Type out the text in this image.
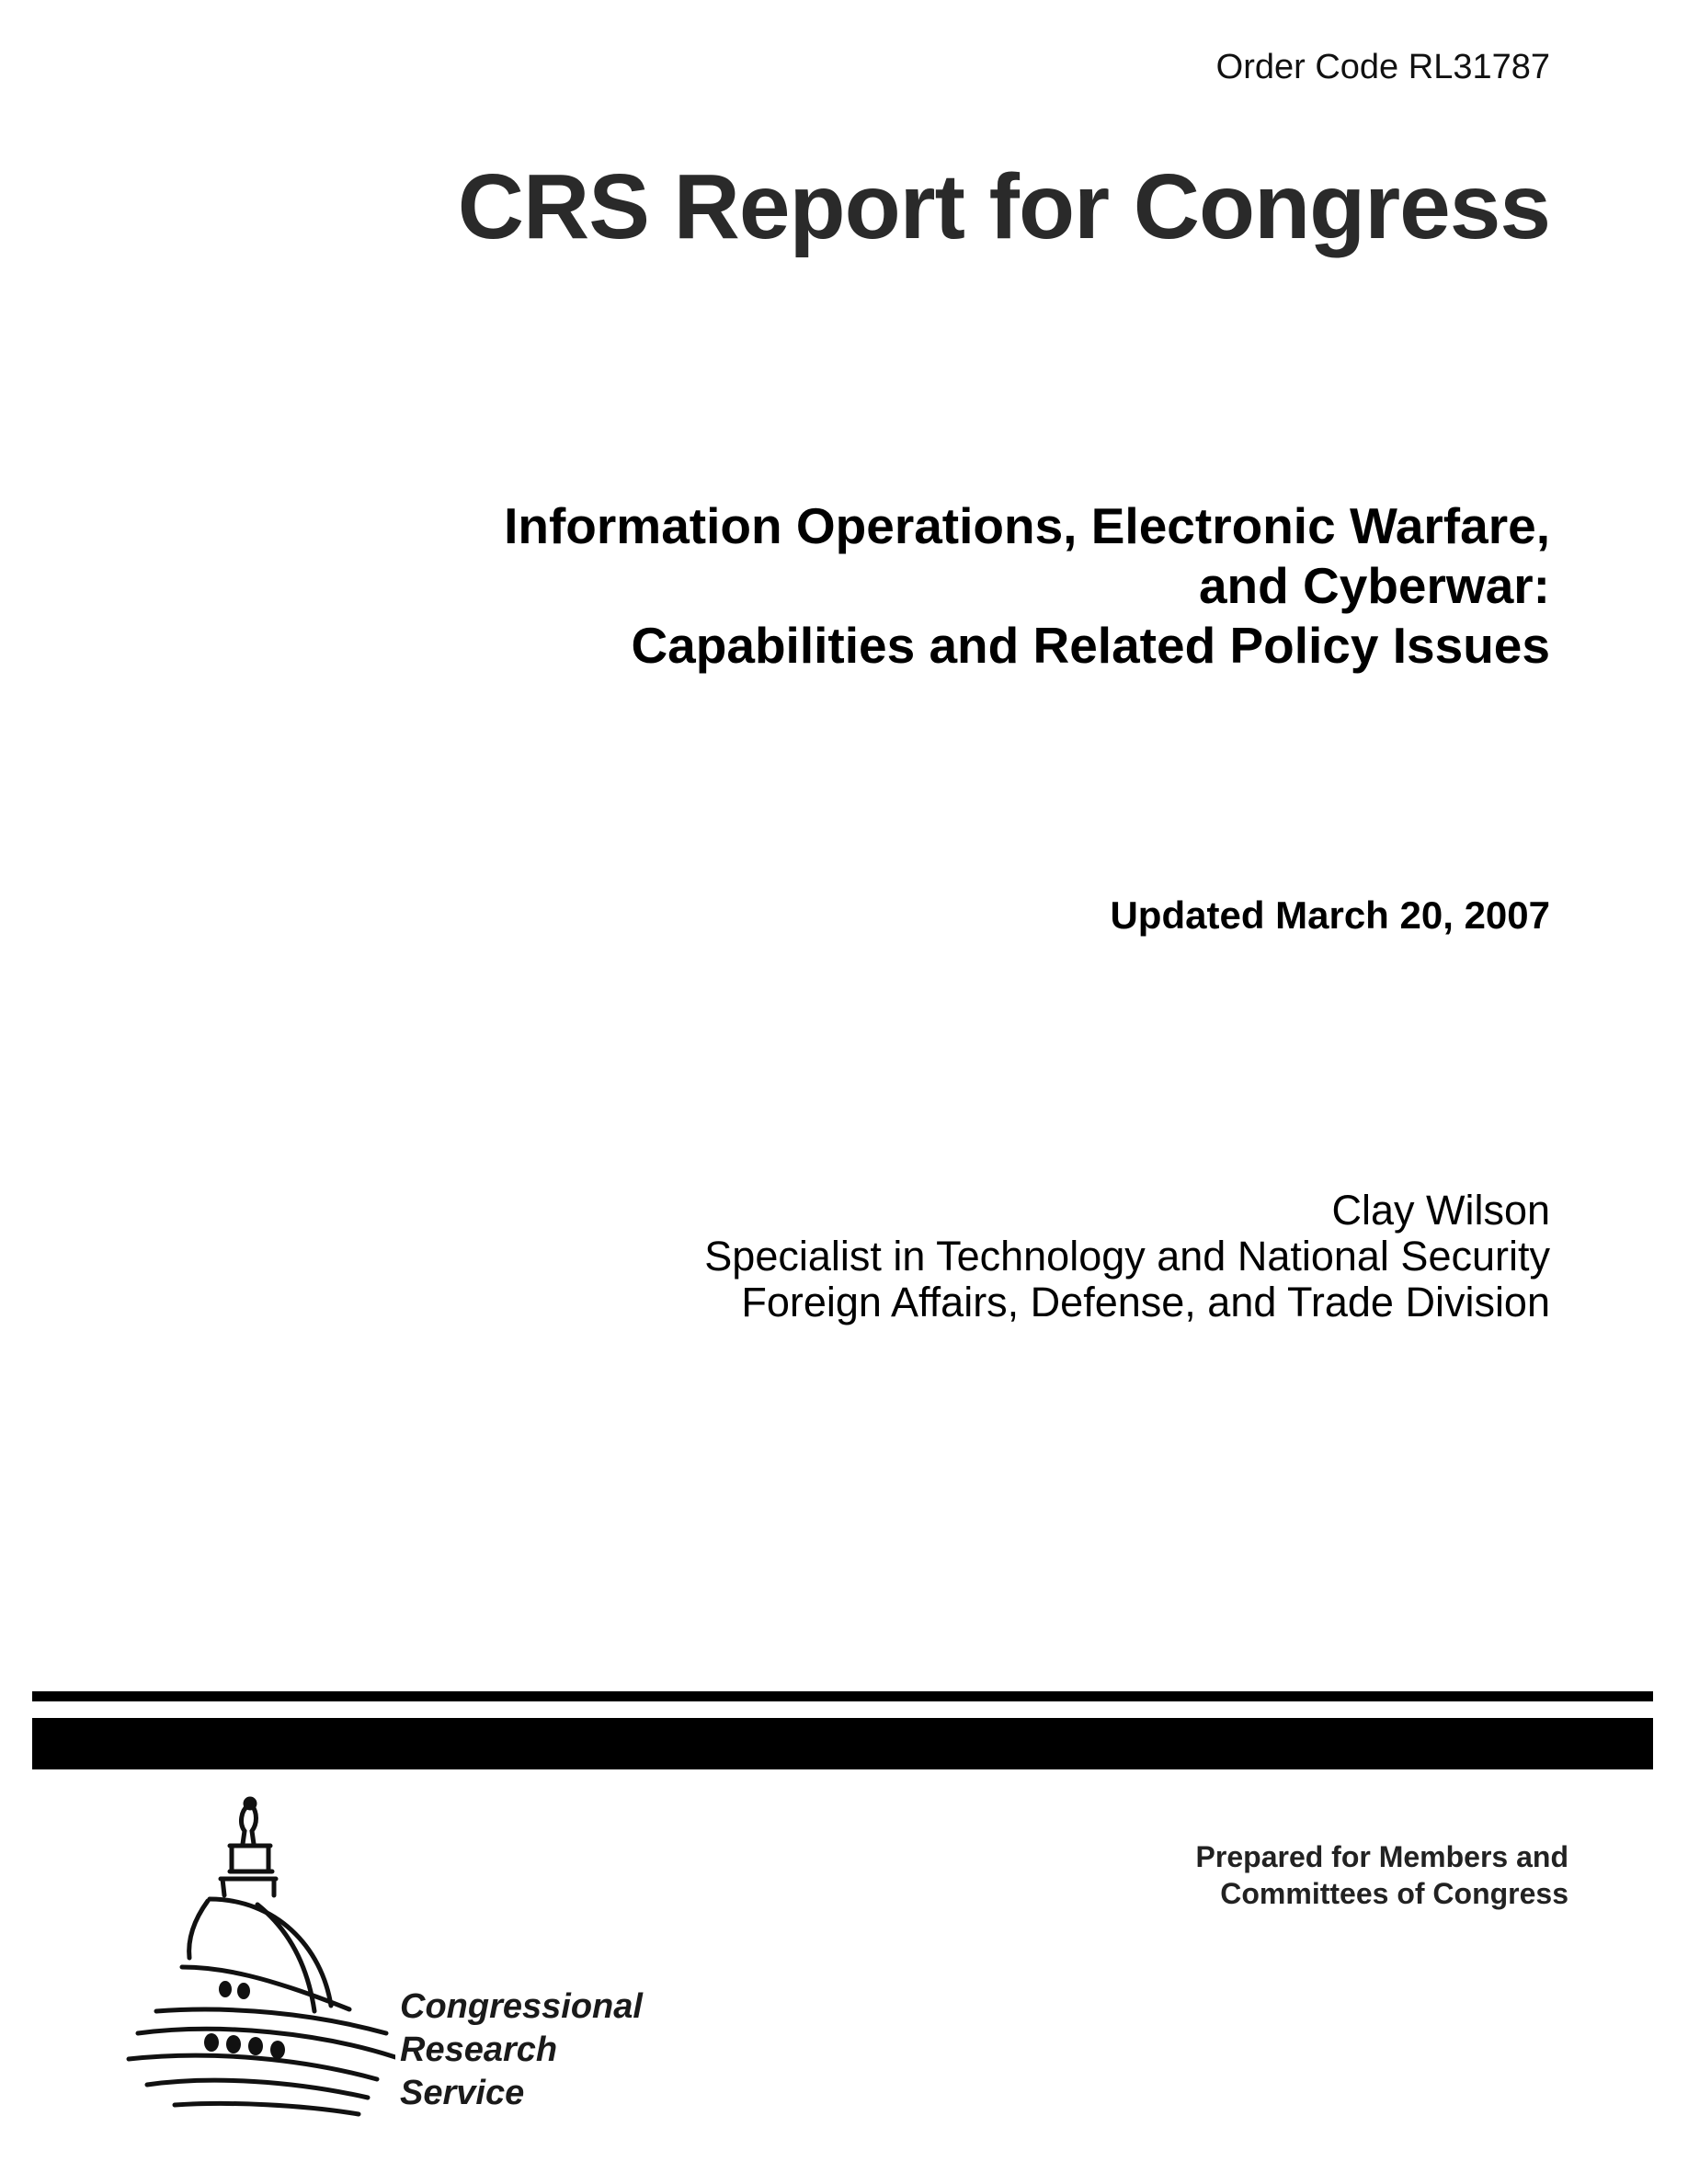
Order Code RL31787
CRS Report for Congress
Information Operations, Electronic Warfare,
and Cyberwar:
Capabilities and Related Policy Issues
Updated March 20, 2007
Clay Wilson
Specialist in Technology and National Security
Foreign Affairs, Defense, and Trade Division
Congressional
Research
Service
Prepared for Members and
Committees of Congress
